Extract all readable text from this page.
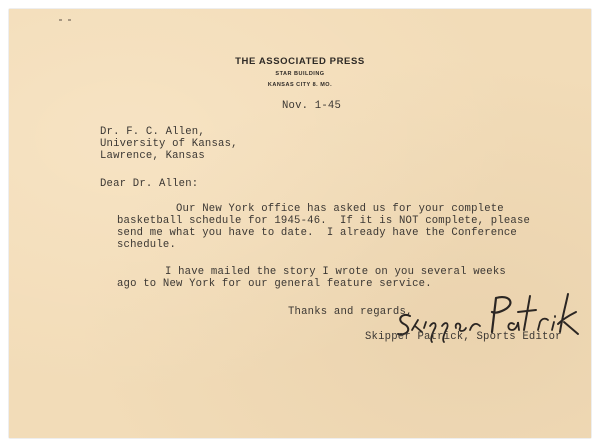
THE ASSOCIATED PRESS
STAR BUILDING
KANSAS CITY 8. MO.
Nov. 1-45
Dr. F. C. Allen,
University of Kansas,
Lawrence, Kansas
Dear Dr. Allen:
Our New York office has asked us for your complete
basketball schedule for 1945-46.  If it is NOT complete, please
send me what you have to date.  I already have the Conference
schedule.
I have mailed the story I wrote on you several weeks
ago to New York for our general feature service.
Thanks and regards,
Skipper Patrick, Sports Editor
